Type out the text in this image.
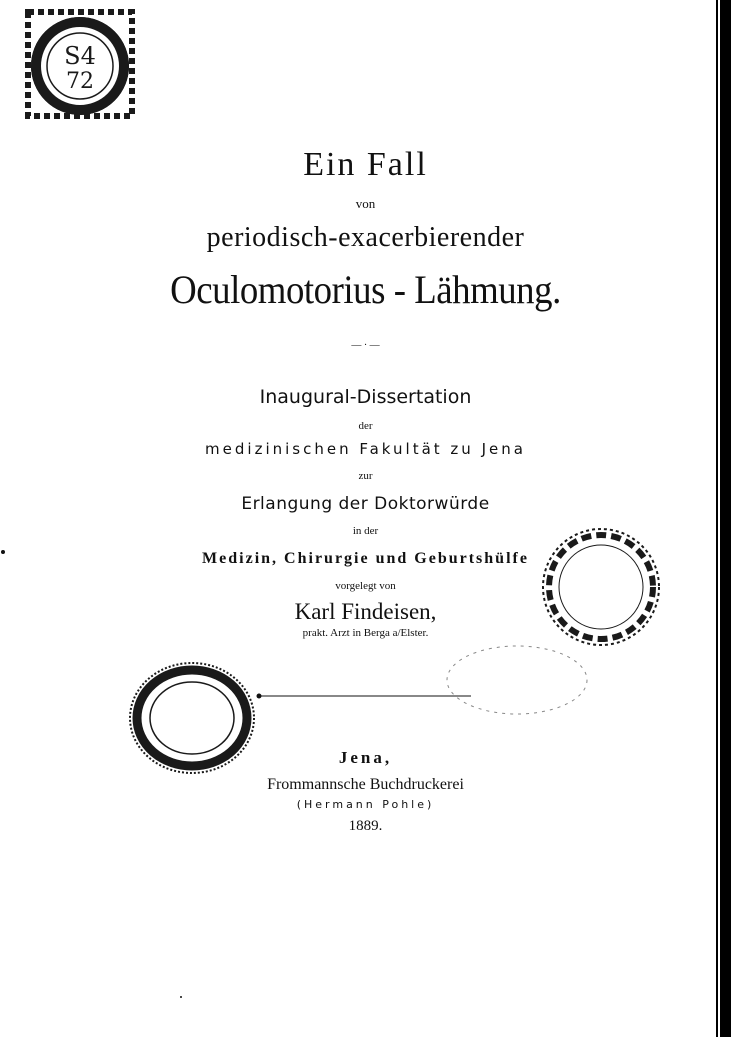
S4
72
Ein Fall
von
periodisch-exacerbierender
Oculomotorius - Lähmung.
— · —
Inaugural-Dissertation
der
medizinischen Fakultät zu Jena
zur
Erlangung der Doktorwürde
in der
Medizin, Chirurgie und Geburtshülfe
vorgelegt von
Karl Findeisen,
prakt. Arzt in Berga a/Elster.
Jena,
Frommannsche Buchdruckerei
(Hermann Pohle)
1889.
